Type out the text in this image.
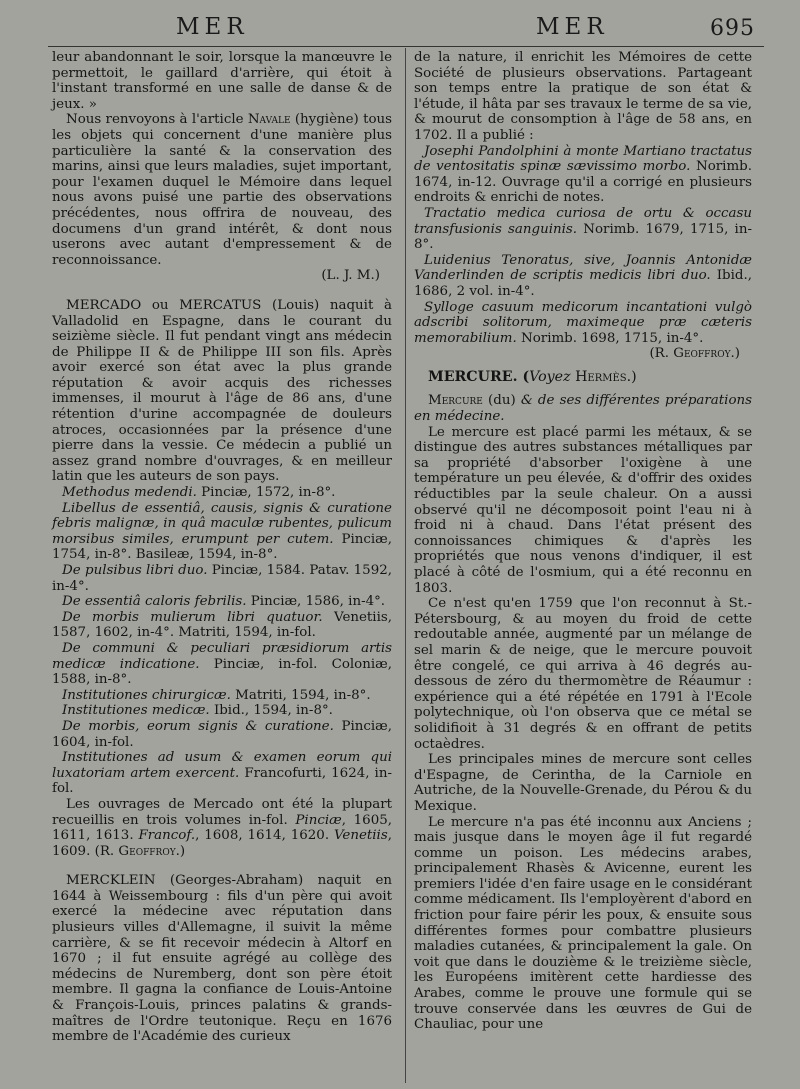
MER	MER	695

leur abandonnant le soir, lorsque la manœuvre le permettoit, le gaillard d'arrière, qui étoit à l'instant transformé en une salle de danse & de jeux. »

Nous renvoyons à l'article Navale (hygiène) tous les objets qui concernent d'une manière plus particulière la santé & la conservation des marins, ainsi que leurs maladies, sujet important, pour l'examen duquel le Mémoire dans lequel nous avons puisé une partie des observations précédentes, nous offrira de nouveau, des documens d'un grand intérêt, & dont nous userons avec autant d'empressement & de reconnoissance.

(L. J. M.)

MERCADO ou MERCATUS (Louis) naquit à Valladolid en Espagne, dans le courant du seizième siècle. Il fut pendant vingt ans médecin de Philippe II & de Philippe III son fils. Après avoir exercé son état avec la plus grande réputation & avoir acquis des richesses immenses, il mourut à l'âge de 86 ans, d'une rétention d'urine accompagnée de douleurs atroces, occasionnées par la présence d'une pierre dans la vessie. Ce médecin a publié un assez grand nombre d'ouvrages, & en meilleur latin que les auteurs de son pays.

Methodus medendi. Pinciæ, 1572, in-8°.

Libellus de essentiâ, causis, signis & curatione febris malignæ, in quâ maculæ rubentes, pulicum morsibus similes, erumpunt per cutem. Pinciæ, 1754, in-8°. Basileæ, 1594, in-8°.

De pulsibus libri duo. Pinciæ, 1584. Patav. 1592, in-4°.

De essentiâ caloris febrilis. Pinciæ, 1586, in-4°.

De morbis mulierum libri quatuor. Venetiis, 1587, 1602, in-4°. Matriti, 1594, in-fol.

De communi & peculiari præsidiorum artis medicæ indicatione. Pinciæ, in-fol. Coloniæ, 1588, in-8°.

Institutiones chirurgicæ. Matriti, 1594, in-8°.

Institutiones medicæ. Ibid., 1594, in-8°.

De morbis, eorum signis & curatione. Pinciæ, 1604, in-fol.

Institutiones ad usum & examen eorum qui luxatoriam artem exercent. Francofurti, 1624, in-fol.

Les ouvrages de Mercado ont été la plupart recueillis en trois volumes in-fol. Pinciæ, 1605, 1611, 1613. Francof., 1608, 1614, 1620. Venetiis, 1609. (R. Geoffroy.)

MERCKLEIN (Georges-Abraham) naquit en 1644 à Weissembourg : fils d'un père qui avoit exercé la médecine avec réputation dans plusieurs villes d'Allemagne, il suivit la même carrière, & se fit recevoir médecin à Altorf en 1670 ; il fut ensuite agrégé au collège des médecins de Nuremberg, dont son père étoit membre. Il gagna la confiance de Louis-Antoine & François-Louis, princes palatins & grands-maîtres de l'Ordre teutonique. Reçu en 1676 membre de l'Académie des curieux

de la nature, il enrichit les Mémoires de cette Société de plusieurs observations. Partageant son temps entre la pratique de son état & l'étude, il hâta par ses travaux le terme de sa vie, & mourut de consomption à l'âge de 58 ans, en 1702. Il a publié :

Josephi Pandolphini à monte Martiano tractatus de ventositatis spinæ sævissimo morbo. Norimb. 1674, in-12. Ouvrage qu'il a corrigé en plusieurs endroits & enrichi de notes.

Tractatio medica curiosa de ortu & occasu transfusionis sanguinis. Norimb. 1679, 1715, in-8°.

Luidenius Tenoratus, sive, Joannis Antonidæ Vanderlinden de scriptis medicis libri duo. Ibid., 1686, 2 vol. in-4°.

Sylloge casuum medicorum incantationi vulgò adscribi solitorum, maximeque præ cæteris memorabilium. Norimb. 1698, 1715, in-4°.

(R. Geoffroy.)

MERCURE. (Voyez Hermès.)

Mercure (du) & de ses différentes préparations en médecine.

Le mercure est placé parmi les métaux, & se distingue des autres substances métalliques par sa propriété d'absorber l'oxigène à une température un peu élevée, & d'offrir des oxides réductibles par la seule chaleur. On a aussi observé qu'il ne décomposoit point l'eau ni à froid ni à chaud. Dans l'état présent des connoissances chimiques & d'après les propriétés que nous venons d'indiquer, il est placé à côté de l'osmium, qui a été reconnu en 1803.

Ce n'est qu'en 1759 que l'on reconnut à St.-Pétersbourg, & au moyen du froid de cette redoutable année, augmenté par un mélange de sel marin & de neige, que le mercure pouvoit être congelé, ce qui arriva à 46 degrés au-dessous de zéro du thermomètre de Réaumur : expérience qui a été répétée en 1791 à l'Ecole polytechnique, où l'on observa que ce métal se solidifioit à 31 degrés & en offrant de petits octaèdres.

Les principales mines de mercure sont celles d'Espagne, de Cerintha, de la Carniole en Autriche, de la Nouvelle-Grenade, du Pérou & du Mexique.

Le mercure n'a pas été inconnu aux Anciens ; mais jusque dans le moyen âge il fut regardé comme un poison. Les médecins arabes, principalement Rhasès & Avicenne, eurent les premiers l'idée d'en faire usage en le considérant comme médicament. Ils l'employèrent d'abord en friction pour faire périr les poux, & ensuite sous différentes formes pour combattre plusieurs maladies cutanées, & principalement la gale. On voit que dans le douzième & le treizième siècle, les Européens imitèrent cette hardiesse des Arabes, comme le prouve une formule qui se trouve conservée dans les œuvres de Gui de Chauliac, pour une
